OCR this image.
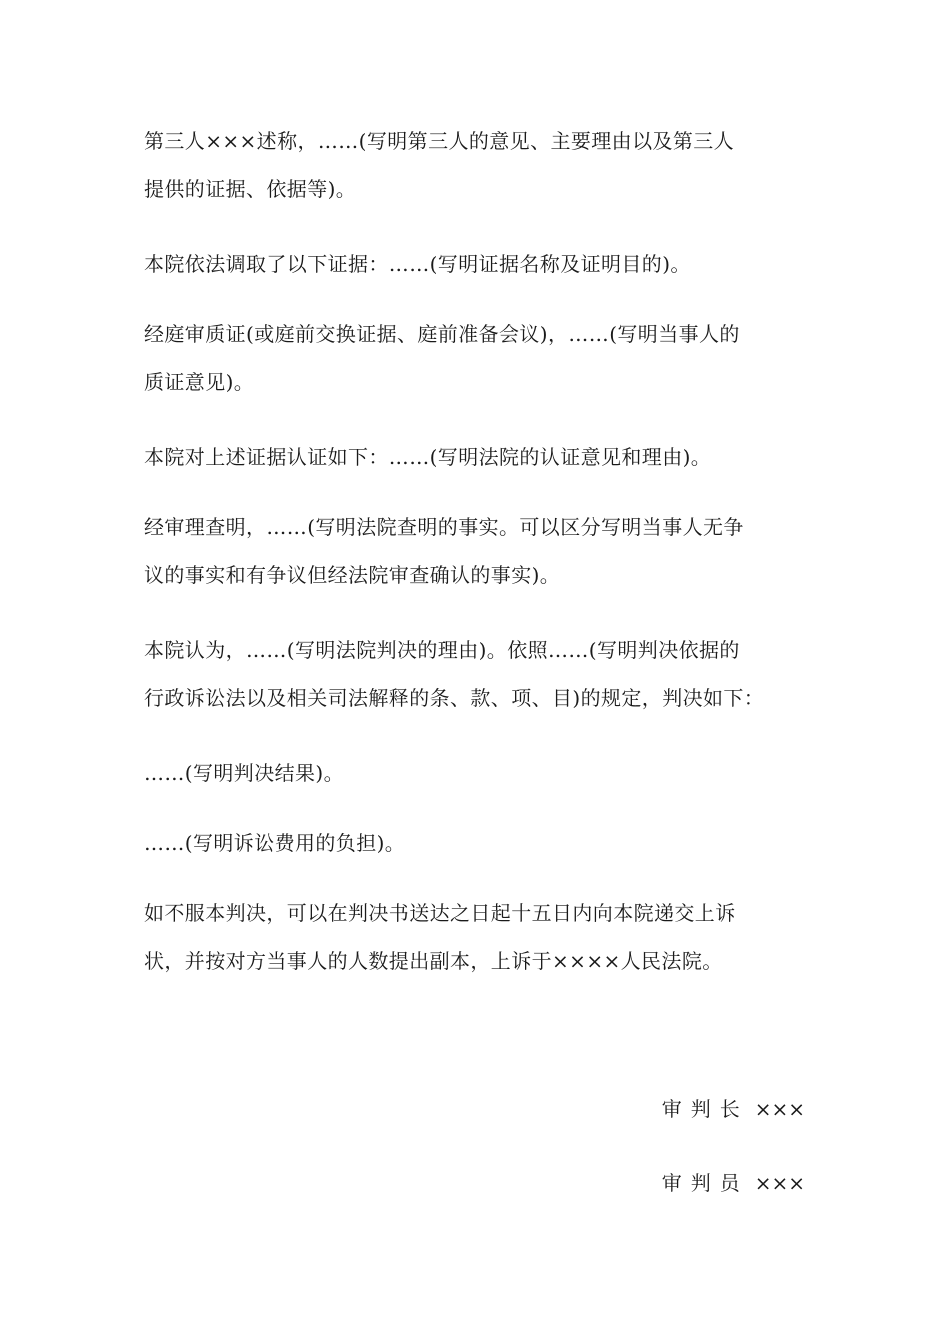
第三人×××述称，……(写明第三人的意见、主要理由以及第三人
提供的证据、依据等)。

本院依法调取了以下证据：……(写明证据名称及证明目的)。

经庭审质证(或庭前交换证据、庭前准备会议)，……(写明当事人的
质证意见)。

本院对上述证据认证如下：……(写明法院的认证意见和理由)。

经审理查明，……(写明法院查明的事实。可以区分写明当事人无争
议的事实和有争议但经法院审查确认的事实)。

本院认为，……(写明法院判决的理由)。依照……(写明判决依据的
行政诉讼法以及相关司法解释的条、款、项、目)的规定，判决如下：

……(写明判决结果)。

……(写明诉讼费用的负担)。

如不服本判决，可以在判决书送达之日起十五日内向本院递交上诉
状，并按对方当事人的人数提出副本，上诉于××××人民法院。

审判长 ×××
审判员 ×××
